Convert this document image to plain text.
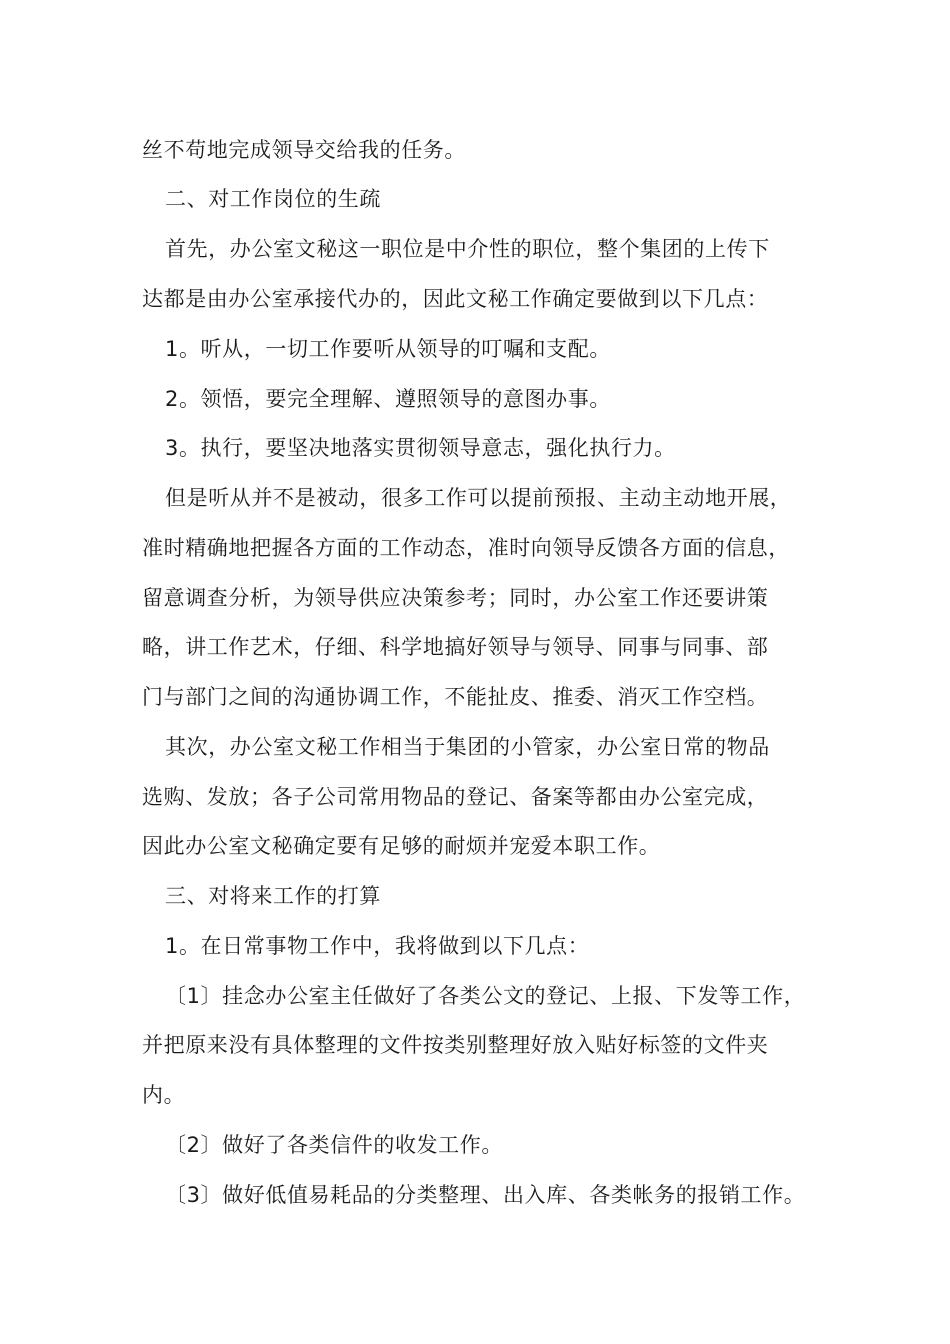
丝不苟地完成领导交给我的任务。
二、对工作岗位的生疏
首先，办公室文秘这一职位是中介性的职位，整个集团的上传下
达都是由办公室承接代办的，因此文秘工作确定要做到以下几点：
1。听从，一切工作要听从领导的叮嘱和支配。
2。领悟，要完全理解、遵照领导的意图办事。
3。执行，要坚决地落实贯彻领导意志，强化执行力。
但是听从并不是被动，很多工作可以提前预报、主动主动地开展，
准时精确地把握各方面的工作动态，准时向领导反馈各方面的信息，
留意调查分析，为领导供应决策参考；同时，办公室工作还要讲策
略，讲工作艺术，仔细、科学地搞好领导与领导、同事与同事、部
门与部门之间的沟通协调工作，不能扯皮、推委、消灭工作空档。
其次，办公室文秘工作相当于集团的小管家，办公室日常的物品
选购、发放；各子公司常用物品的登记、备案等都由办公室完成，
因此办公室文秘确定要有足够的耐烦并宠爱本职工作。
三、对将来工作的打算
1。在日常事物工作中，我将做到以下几点：
〔1〕挂念办公室主任做好了各类公文的登记、上报、下发等工作，
并把原来没有具体整理的文件按类别整理好放入贴好标签的文件夹
内。
〔2〕做好了各类信件的收发工作。
〔3〕做好低值易耗品的分类整理、出入库、各类帐务的报销工作。
